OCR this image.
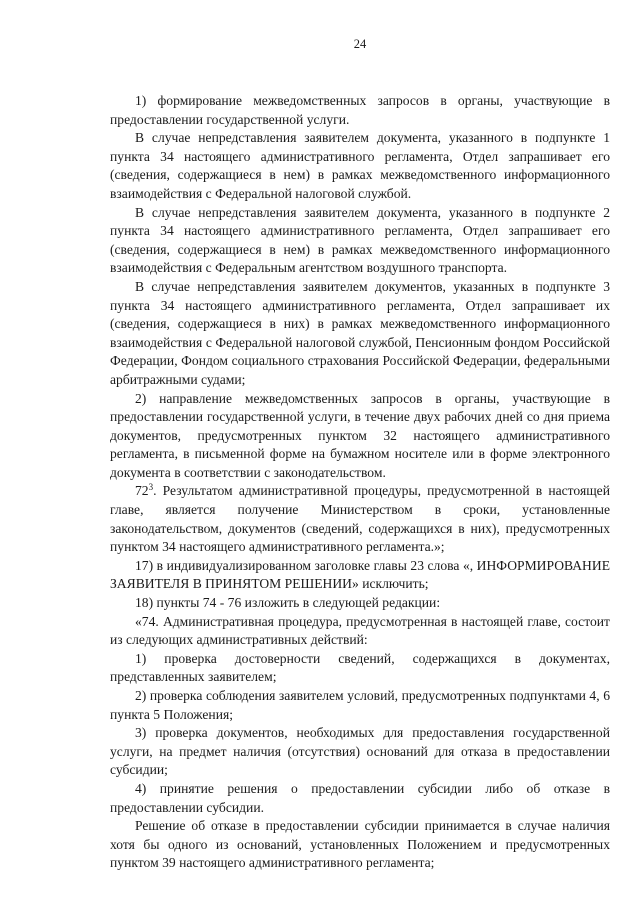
24

1) формирование межведомственных запросов в органы, участвующие в предоставлении государственной услуги.

В случае непредставления заявителем документа, указанного в подпункте 1 пункта 34 настоящего административного регламента, Отдел запрашивает его (сведения, содержащиеся в нем) в рамках межведомственного информационного взаимодействия с Федеральной налоговой службой.

В случае непредставления заявителем документа, указанного в подпункте 2 пункта 34 настоящего административного регламента, Отдел запрашивает его (сведения, содержащиеся в нем) в рамках межведомственного информационного взаимодействия с Федеральным агентством воздушного транспорта.

В случае непредставления заявителем документов, указанных в подпункте 3 пункта 34 настоящего административного регламента, Отдел запрашивает их (сведения, содержащиеся в них) в рамках межведомственного информационного взаимодействия с Федеральной налоговой службой, Пенсионным фондом Российской Федерации, Фондом социального страхования Российской Федерации, федеральными арбитражными судами;

2) направление межведомственных запросов в органы, участвующие в предоставлении государственной услуги, в течение двух рабочих дней со дня приема документов, предусмотренных пунктом 32 настоящего административного регламента, в письменной форме на бумажном носителе или в форме электронного документа в соответствии с законодательством.

$72^3$. Результатом административной процедуры, предусмотренной в настоящей главе, является получение Министерством в сроки, установленные законодательством, документов (сведений, содержащихся в них), предусмотренных пунктом 34 настоящего административного регламента.»;

17) в индивидуализированном заголовке главы 23 слова «, ИНФОРМИРОВАНИЕ ЗАЯВИТЕЛЯ В ПРИНЯТОМ РЕШЕНИИ» исключить;

18) пункты 74 - 76 изложить в следующей редакции:

«74. Административная процедура, предусмотренная в настоящей главе, состоит из следующих административных действий:

1) проверка достоверности сведений, содержащихся в документах, представленных заявителем;

2) проверка соблюдения заявителем условий, предусмотренных подпунктами 4, 6 пункта 5 Положения;

3) проверка документов, необходимых для предоставления государственной услуги, на предмет наличия (отсутствия) оснований для отказа в предоставлении субсидии;

4) принятие решения о предоставлении субсидии либо об отказе в предоставлении субсидии.

Решение об отказе в предоставлении субсидии принимается в случае наличия хотя бы одного из оснований, установленных Положением и предусмотренных пунктом 39 настоящего административного регламента;
